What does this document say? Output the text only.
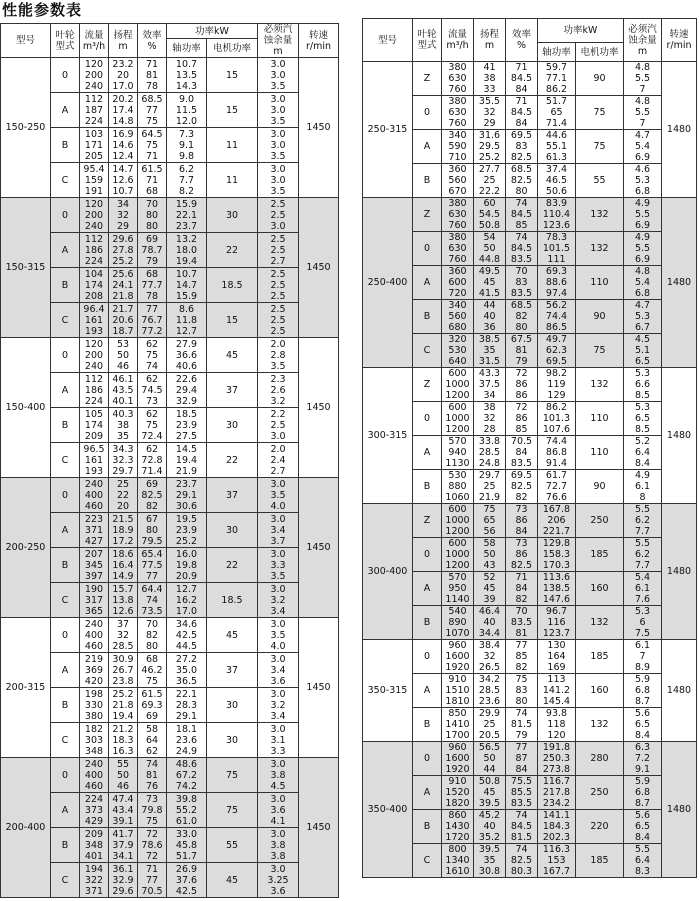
性能参数表
型号	叶轮
型式	流量
m³/h	扬程
m	效率
%	功率kW		必须汽
蚀余量
m	转速
r/min
					轴功率	电机功率		
150-250	0	120
200
240	23.2
20
17.0	71
81
78	10.7
13.5
14.3	15	3.0
3.0
3.5	1450
	A	112
187
224	20.2
17.4
14.8	68.5
77
75	9.0
11.5
12.0	15	3.0
3.0
3.5	
	B	103
171
205	16.9
14.6
12.4	64.5
75
71	7.3
9.1
9.8	11	3.0
3.0
3.5	
	C	95.4
159
191	14.7
12.6
10.7	61.5
71
68	6.2
7.7
8.2	11	3.0
3.0
3.5	
150-315	0	120
200
240	34
32
29	70
80
80	15.9
22.1
23.7	30	2.5
2.5
3.0	1450
	A	112
186
224	29.6
27.8
25.2	69
78.7
79	13.2
18.0
19.4	22	2.5
2.5
2.7	
	B	104
174
208	25.6
24.1
21.8	68
77.7
78	10.7
14.7
15.9	18.5	2.5
2.5
2.5	
	C	96.4
161
193	21.7
20.6
18.7	77
76.7
77.2	8.6
11.8
12.7	15	2.5
2.5
2.5	
150-400	0	120
200
240	53
50
46	62
75
74	27.9
36.6
40.6	45	2.0
2.8
3.5	1450
	A	112
186
224	46.1
43.5
40.1	62
74.5
73	22.6
29.4
32.9	37	2.3
2.6
3.2	
	B	105
174
209	40.3
38
35	62
75
72.4	18.5
23.9
27.5	30	2.2
2.5
3.0	
	C	96.5
161
193	34.3
32.3
29.7	62
72.8
71.4	14.5
19.4
21.9	22	2.0
2.4
2.7	
200-250	0	240
400
460	25
22
20	69
82.5
82	23.7
29.1
30.6	37	3.0
3.5
4.0	1450
	A	223
371
427	21.5
18.9
17.2	67
80
79.5	19.5
23.9
25.2	30	3.0
3.4
3.7	
	B	207
345
397	18.6
16.4
14.9	65.4
77.5
77	16.0
19.8
20.9	22	3.0
3.3
3.5	
	C	190
317
365	15.7
13.8
12.6	64.4
74
73.5	12.7
16.2
17.0	18.5	3.0
3.2
3.4	
200-315	0	240
400
460	37
32
28.5	70
82
80	34.6
42.5
44.5	45	3.0
3.5
4.0	1450
	A	219
369
420	30.9
26.7
23.8	68
46.2
75	27.2
35.0
36.5	37	3.0
3.4
3.6	
	B	198
330
380	25.2
21.8
19.4	61.5
69.3
69	22.1
28.3
29.1	30	3.0
3.2
3.4	
	C	182
303
348	21.2
18.3
16.3	58
64
62	18.1
23.6
24.9	30	3.0
3.1
3.3	
200-400	0	240
400
460	55
50
46	74
81
76	48.6
67.2
74.2	75	3.0
3.8
4.5	1450
	A	224
373
429	47.4
43.4
39.1	73
79.8
75	39.8
55.2
61.0	75	3.0
3.6
4.1	
	B	209
348
401	41.7
37.9
34.1	72
78.6
72	33.0
45.8
51.7	55	3.0
3.8
3.8	
	C	194
322
371	36.1
32.9
29.6	71
77
70.5	26.9
37.6
42.5	45	3.0
3.25
3.6	
型号	叶轮
型式	流量
m³/h	扬程
m	效率
%	功率kW		必须汽
蚀余量
m	转速
r/min
					轴功率	电机功率		
250-315	Z	380
630
760	41
38
33	71
84.5
84	59.7
77.1
86.2	90	4.8
5.5
7	1480
	0	380
630
760	35.5
32
29	71
84.5
84	51.7
65
71.4	75	4.8
5.5
7	
	A	340
590
710	31.6
29.5
25.2	69.5
83
82.5	44.6
55.1
61.3	75	4.7
5.4
6.9	
	B	360
560
670	27.7
25
22.2	68.5
82.5
80	37.4
46.5
50.6	55	4.6
5.3
6.8	
250-400	Z	380
630
760	60
54.5
50.8	74
84.5
85	83.9
110.4
123.6	132	4.9
5.5
6.9	1480
	0	380
630
760	54
50
44.8	74
84.5
83.5	78.3
101.5
111	132	4.9
5.5
6.9	
	A	360
600
720	49.5
45
41.5	70
83
83.5	69.3
88.6
97.4	110	4.8
5.4
6.8	
	B	340
560
680	44
40
36	68.5
82
80	56.2
74.4
86.5	90	4.7
5.3
6.7	
	C	320
530
640	38.5
35
31.5	67.5
81
79	49.7
62.3
69.5	75	4.5
5.1
6.5	
300-315	Z	600
1000
1200	43.3
37.5
34	72
86
86	98.2
119
129	132	5.3
6.6
8.5	1480
	0	600
1000
1200	38
32
28	72
86
85	86.2
101.3
107.6	110	5.3
6.5
8.5	
	A	570
940
1130	33.8
28.5
24.8	70.5
84
83.5	74.4
86.8
91.4	110	5.2
6.4
8.4	
	B	530
880
1060	29.7
25
21.9	69.5
82.5
82	61.7
72.7
76.6	90	4.9
6.1
8	
300-400	Z	600
1000
1200	75
65
56	73
86
84	167.8
206
221.7	250	5.5
6.2
7.7	1480
	0	600
1000
1200	58
50
43	73
86
82.5	129.8
158.3
170.3	185	5.5
6.2
7.7	
	A	570
950
1140	52
45
39	71
84
82	113.6
138.5
147.6	160	5.4
6.1
7.6	
	B	540
890
1070	46.4
40
34.4	70
83.5
81	96.7
116
123.7	132	5.3
6
7.5	
350-315	0	960
1600
1920	38.4
32
26.5	77
85
82	130
164
169	185	6.1
7
8.9	1480
	A	910
1510
1810	34.2
28.5
23.6	75
83
80	113
141.2
145.4	160	5.9
6.8
8.7	
	B	850
1410
1700	29.9
25
20.5	74
81.5
79	93.8
118
120	132	5.6
6.5
8.4	
350-400	0	960
1600
1920	56.5
50
44	77
87
84	191.8
250.3
273.8	280	6.3
7.2
9.1	1480
	A	910
1520
1820	50.8
45
39.5	75.5
85.5
83.5	116.7
217.8
234.2	250	5.9
6.8
8.7	
	B	860
1430
1720	45.2
40
35.2	74
84.5
81.5	141.1
184.3
202.3	220	5.6
6.5
8.4	
	C	800
1340
1610	39.5
35
30.8	74
82.5
80.3	116.3
153
167.7	185	5.5
6.4
8.3	
